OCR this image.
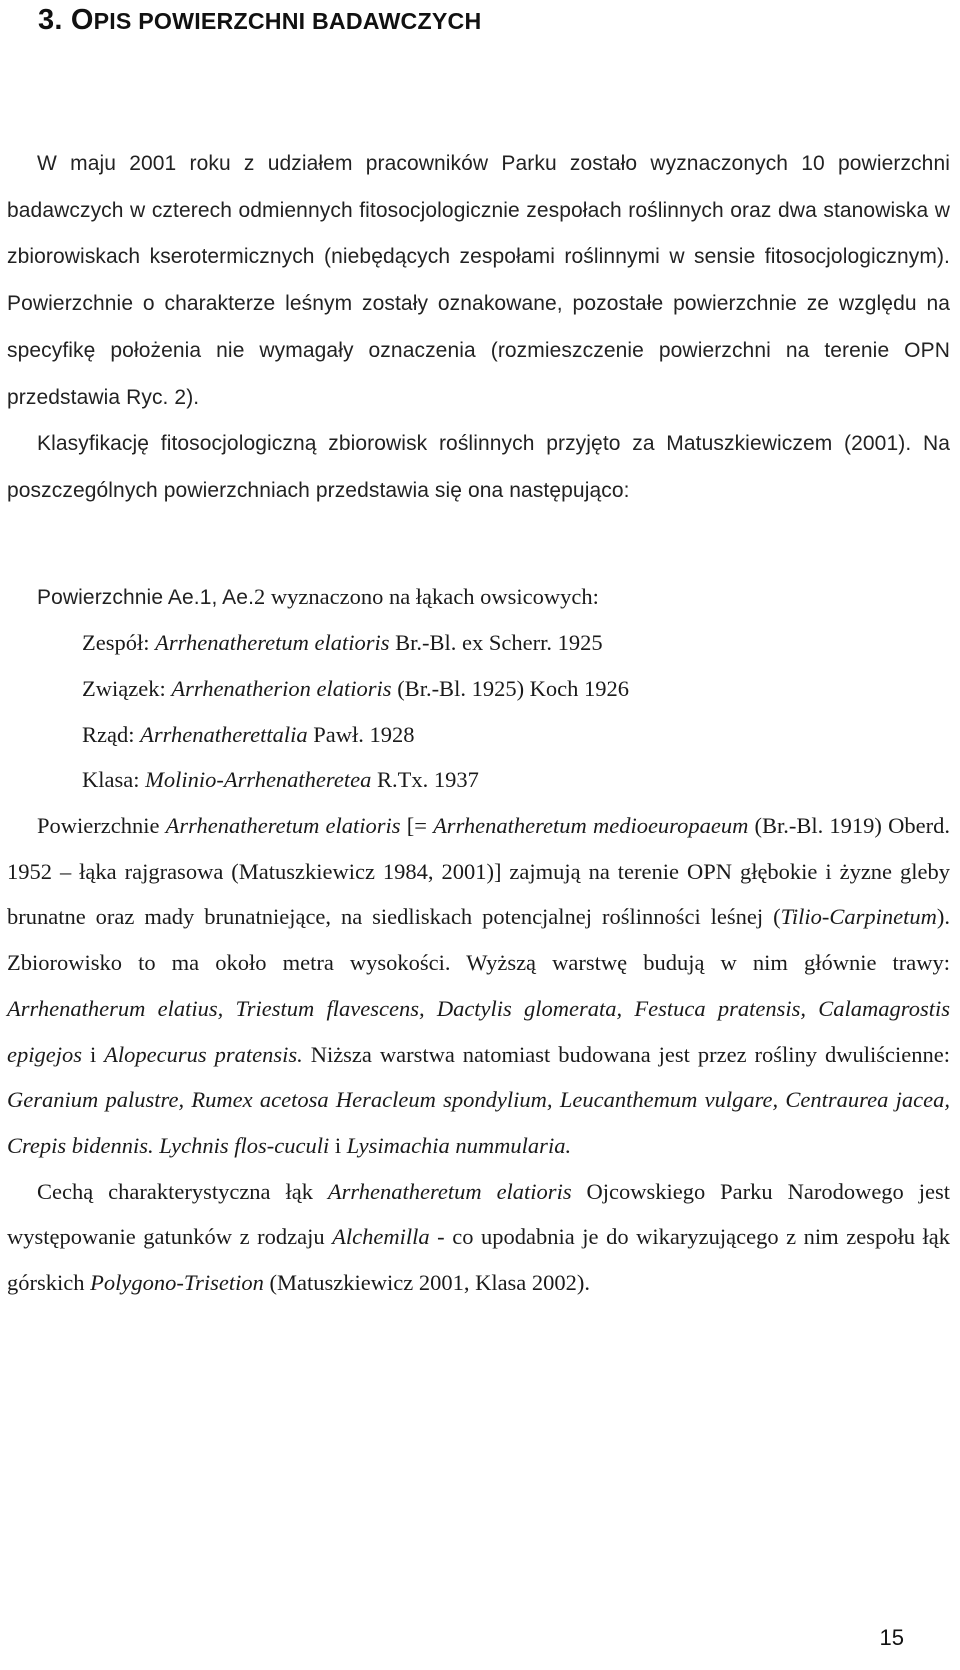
3. OPIS POWIERZCHNI BADAWCZYCH

W maju 2001 roku z udziałem pracowników Parku zostało wyznaczonych 10 powierzchni badawczych w czterech odmiennych fitosocjologicznie zespołach roślinnych oraz dwa stanowiska w zbiorowiskach kserotermicznych (niebędących zespołami roślinnymi w sensie fitosocjologicznym). Powierzchnie o charakterze leśnym zostały oznakowane, pozostałe powierzchnie ze względu na specyfikę położenia nie wymagały oznaczenia (rozmieszczenie powierzchni na terenie OPN przedstawia Ryc. 2).

Klasyfikację fitosocjologiczną zbiorowisk roślinnych przyjęto za Matuszkiewiczem (2001). Na poszczególnych powierzchniach przedstawia się ona następująco:

Powierzchnie Ae.1, Ae.2 wyznaczono na łąkach owsicowych:

Zespół: Arrhenatheretum elatioris Br.-Bl. ex Scherr. 1925
Związek: Arrhenatherion elatioris (Br.-Bl. 1925) Koch 1926
Rząd: Arrhenatherettalia Pawł. 1928
Klasa: Molinio-Arrhenatheretea R.Tx. 1937

Powierzchnie Arrhenatheretum elatioris [= Arrhenatheretum medioeuropaeum (Br.-Bl. 1919) Oberd. 1952 – łąka rajgrasowa (Matuszkiewicz 1984, 2001)] zajmują na terenie OPN głębokie i żyzne gleby brunatne oraz mady brunatniejące, na siedliskach potencjalnej roślinności leśnej (Tilio-Carpinetum). Zbiorowisko to ma około metra wysokości. Wyższą warstwę budują w nim głównie trawy: Arrhenatherum elatius, Triestum flavescens, Dactylis glomerata, Festuca pratensis, Calamagrostis epigejos i Alopecurus pratensis. Niższa warstwa natomiast budowana jest przez rośliny dwuliścienne: Geranium palustre, Rumex acetosa Heracleum spondylium, Leucanthemum vulgare, Centraurea jacea, Crepis bidennis. Lychnis flos-cuculi i Lysimachia nummularia.

Cechą charakterystyczna łąk Arrhenatheretum elatioris Ojcowskiego Parku Narodowego jest występowanie gatunków z rodzaju Alchemilla - co upodabnia je do wikaryzującego z nim zespołu łąk górskich Polygono-Trisetion (Matuszkiewicz 2001, Klasa 2002).

15
